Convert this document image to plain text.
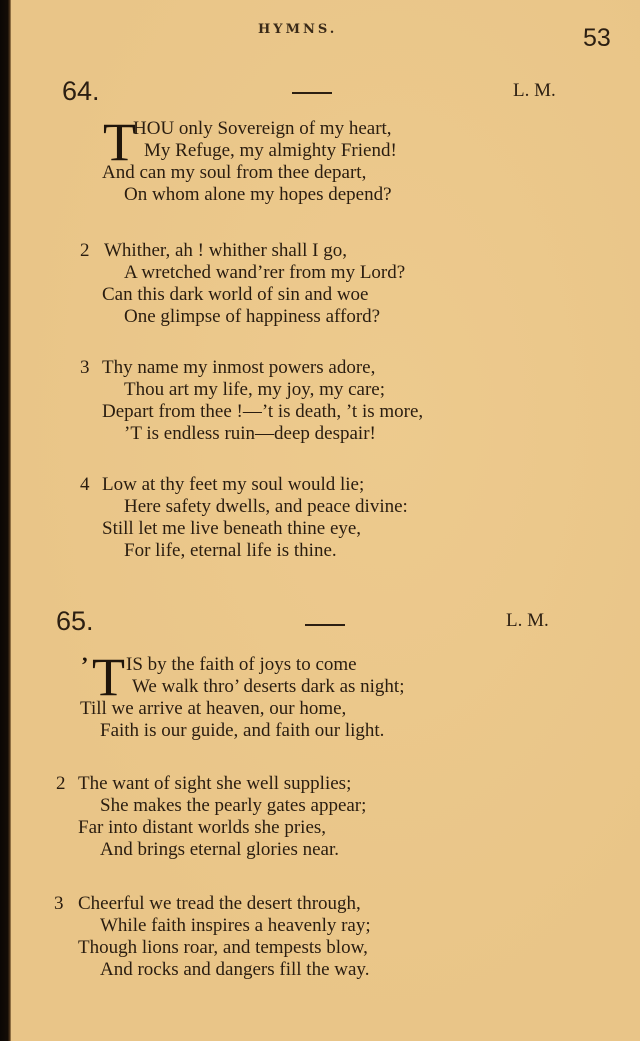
HYMNS.	53
64.	L. M.
T
HOU only Sovereign of my heart,
My Refuge, my almighty Friend!
And can my soul from thee depart,
On whom alone my hopes depend?
2 Whither, ah ! whither shall I go,
A wretched wand’rer from my Lord?
Can this dark world of sin and woe
One glimpse of happiness afford?
3 Thy name my inmost powers adore,
Thou art my life, my joy, my care;
Depart from thee !—’t is death, ’t is more,
’T is endless ruin—deep despair!
4 Low at thy feet my soul would lie;
Here safety dwells, and peace divine:
Still let me live beneath thine eye,
For life, eternal life is thine.
65.	L. M.
’ T IS by the faith of joys to come
We walk thro’ deserts dark as night;
Till we arrive at heaven, our home,
Faith is our guide, and faith our light.
2 The want of sight she well supplies;
She makes the pearly gates appear;
Far into distant worlds she pries,
And brings eternal glories near.
3 Cheerful we tread the desert through,
While faith inspires a heavenly ray;
Though lions roar, and tempests blow,
And rocks and dangers fill the way.
